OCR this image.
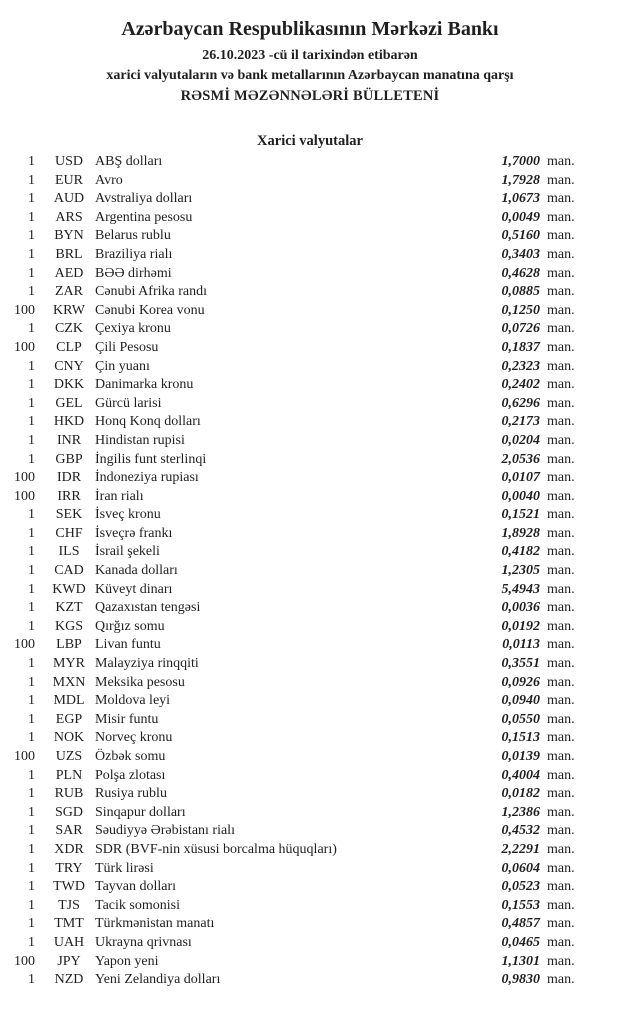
Azərbaycan Respublikasının Mərkəzi Bankı
26.10.2023 -cü il tarixindən etibarən
xarici valyutaların və bank metallarının Azərbaycan manatına qarşı
RƏSMİ MƏZƏNNƏLƏRİ BÜLLETENİ
Xarici valyutalar
1	USD ABŞ dolları	1,7000 man.
1	EUR Avro	1,7928 man.
1	AUD Avstraliya dolları	1,0673 man.
1	ARS Argentina pesosu	0,0049 man.
1	BYN Belarus rublu	0,5160 man.
1	BRL Braziliya rialı	0,3403 man.
1	AED BƏƏ dirhəmi	0,4628 man.
1	ZAR Cənubi Afrika randı	0,0885 man.
100	KRW Cənubi Korea vonu	0,1250 man.
1	CZK Çexiya kronu	0,0726 man.
100	CLP Çili Pesosu	0,1837 man.
1	CNY Çin yuanı	0,2323 man.
1	DKK Danimarka kronu	0,2402 man.
1	GEL Gürcü larisi	0,6296 man.
1	HKD Honq Konq dolları	0,2173 man.
1	INR Hindistan rupisi	0,0204 man.
1	GBP İngilis funt sterlinqi	2,0536 man.
100	IDR İndoneziya rupiası	0,0107 man.
100	IRR	İran rialı	0,0040 man.
1	SEK İsveç kronu	0,1521 man.
1	CHF İsveçrə frankı	1,8928 man.
1	ILS	İsrail şekeli	0,4182 man.
1	CAD Kanada dolları	1,2305 man.
1	KWD Küveyt dinarı	5,4943 man.
1	KZT Qazaxıstan tengəsi	0,0036 man.
1	KGS Qırğız somu	0,0192 man.
100	LBP Livan funtu	0,0113 man.
1	MYR Malayziya rinqqiti	0,3551 man.
1	MXN Meksika pesosu	0,0926 man.
1	MDL Moldova leyi	0,0940 man.
1	EGP Misir funtu	0,0550 man.
1	NOK Norveç kronu	0,1513 man.
100	UZS Özbək somu	0,0139 man.
1	PLN Polşa zlotası	0,4004 man.
1	RUB Rusiya rublu	0,0182 man.
1	SGD Sinqapur dolları	1,2386 man.
1	SAR Səudiyyə Ərəbistanı rialı	0,4532 man.
1	XDR SDR (BVF-nin xüsusi borcalma hüquqları)	2,2291 man.
1	TRY Türk lirəsi	0,0604 man.
1	TWD Tayvan dolları	0,0523 man.
1	TJS	Tacik somonisi	0,1553 man.
1	TMT Türkmənistan manatı	0,4857 man.
1	UAH Ukrayna qrivnası	0,0465 man.
100	JPY	Yapon yeni	1,1301 man.
1	NZD Yeni Zelandiya dolları	0,9830 man.
